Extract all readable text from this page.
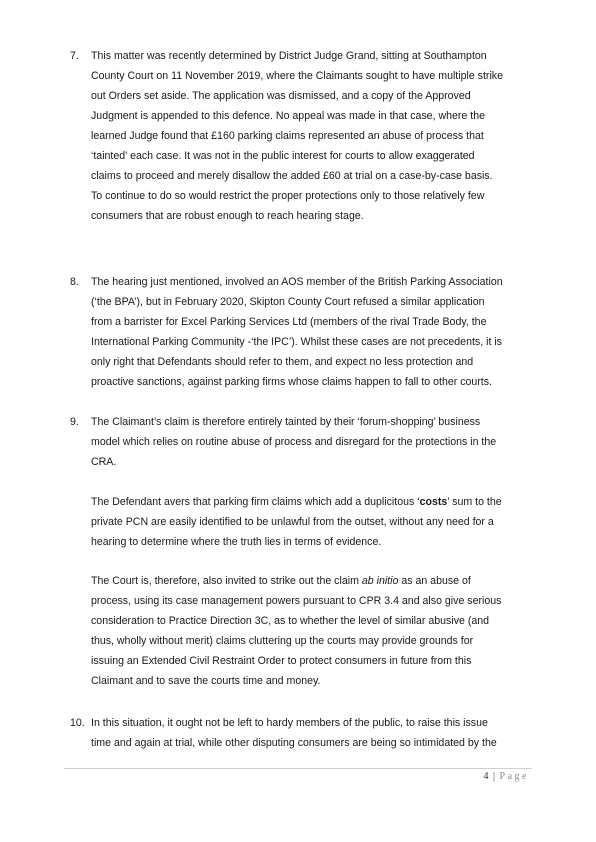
7.	This matter was recently determined by District Judge Grand, sitting at Southampton
County Court on 11 November 2019, where the Claimants sought to have multiple strike
out Orders set aside. The application was dismissed, and a copy of the Approved
Judgment is appended to this defence. No appeal was made in that case, where the
learned Judge found that £160 parking claims represented an abuse of process that
‘tainted’ each case. It was not in the public interest for courts to allow exaggerated
claims to proceed and merely disallow the added £60 at trial on a case-by-case basis.
To continue to do so would restrict the proper protections only to those relatively few
consumers that are robust enough to reach hearing stage.
8.	The hearing just mentioned, involved an AOS member of the British Parking Association
(‘the BPA’), but in February 2020, Skipton County Court refused a similar application
from a barrister for Excel Parking Services Ltd (members of the rival Trade Body, the
International Parking Community -‘the IPC’). Whilst these cases are not precedents, it is
only right that Defendants should refer to them, and expect no less protection and
proactive sanctions, against parking firms whose claims happen to fall to other courts.
9.	The Claimant’s claim is therefore entirely tainted by their ‘forum-shopping’ business
model which relies on routine abuse of process and disregard for the protections in the
CRA.
The Defendant avers that parking firm claims which add a duplicitous ‘costs’ sum to the
private PCN are easily identified to be unlawful from the outset, without any need for a
hearing to determine where the truth lies in terms of evidence.
The Court is, therefore, also invited to strike out the claim ab initio as an abuse of
process, using its case management powers pursuant to CPR 3.4 and also give serious
consideration to Practice Direction 3C, as to whether the level of similar abusive (and
thus, wholly without merit) claims cluttering up the courts may provide grounds for
issuing an Extended Civil Restraint Order to protect consumers in future from this
Claimant and to save the courts time and money.
10. In this situation, it ought not be left to hardy members of the public, to raise this issue
time and again at trial, while other disputing consumers are being so intimidated by the
4 | Page
